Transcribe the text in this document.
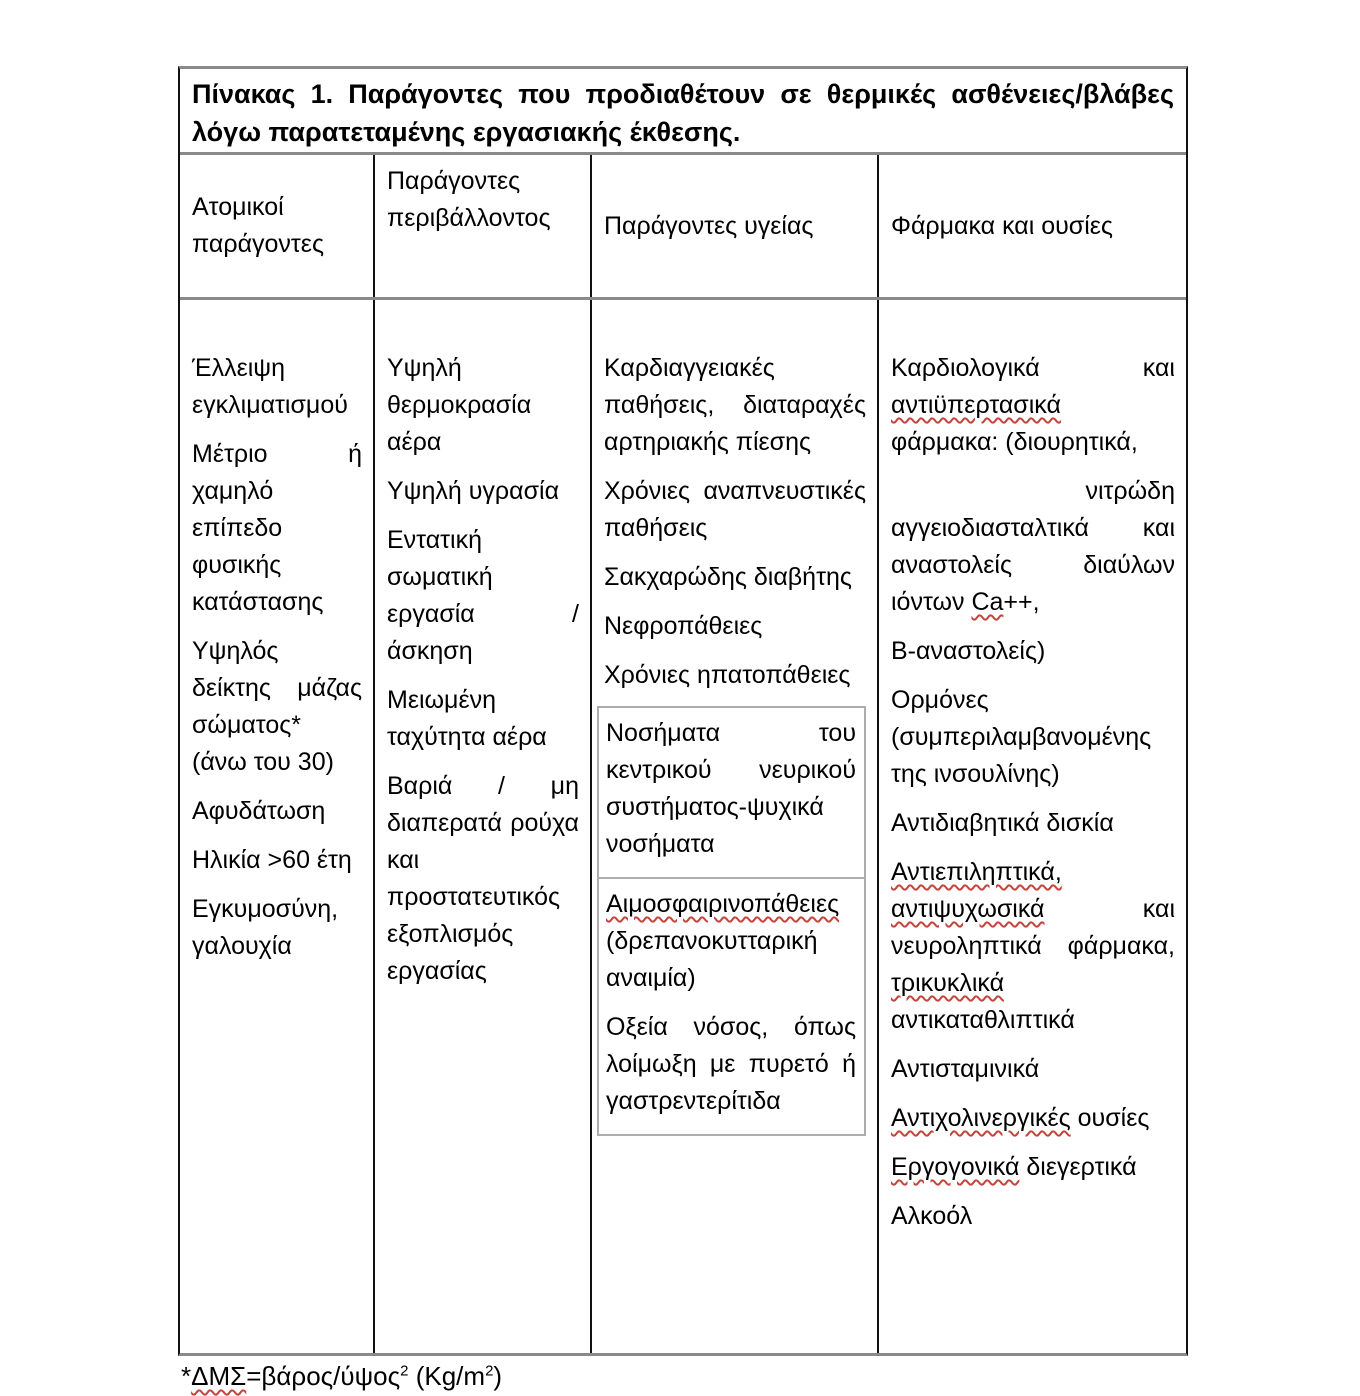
Πίνακας 1. Παράγοντες που προδιαθέτουν σε θερμικές ασθένειες/βλάβες λόγω παρατεταμένης εργασιακής έκθεσης.
Ατομικοί παράγοντες
Παράγοντες περιβάλλοντος	Παράγοντες υγείας	Φάρμακα και ουσίες

Έλλειψη εγκλιματισμού

Μέτριο ή χαμηλό επίπεδο φυσικής κατάστασης

Υψηλός δείκτης μάζας σώματος* (άνω του 30)

Αφυδάτωση

Ηλικία >60 έτη

Εγκυμοσύνη, γαλουχία

Υψηλή θερμοκρασία αέρα

Υψηλή υγρασία

Εντατική σωματική εργασία / άσκηση

Μειωμένη ταχύτητα αέρα

Βαριά / μη διαπερατά ρούχα και προστατευτικός εξοπλισμός εργασίας

Καρδιαγγειακές παθήσεις, διαταραχές αρτηριακής πίεσης

Χρόνιες αναπνευστικές παθήσεις

Σακχαρώδης διαβήτης

Νεφροπάθειες

Χρόνιες ηπατοπάθειες

Νοσήματα του κεντρικού νευρικού συστήματος-ψυχικά νοσήματα

Αιμοσφαιρινοπάθειες (δρεπανοκυτταρική αναιμία)

Οξεία νόσος, όπως λοίμωξη με πυρετό ή γαστρεντερίτιδα

Καρδιολογικά και αντιϋπερτασικά φάρμακα: (διουρητικά,

νιτρώδη

αγγειοδιασταλτικά και αναστολείς διαύλων ιόντων Ca++,

Β-αναστολείς)

Ορμόνες (συμπεριλαμβανομένης της ινσουλίνης)

Αντιδιαβητικά δισκία

Αντιεπιληπτικά, αντιψυχωσικά και νευροληπτικά φάρμακα, τρικυκλικά αντικαταθλιπτικά

Αντισταμινικά

Αντιχολινεργικές ουσίες

Εργογονικά διεγερτικά

Αλκοόλ

*ΔΜΣ=βάρος/ύψος$^2$ $(Kg/m^2)$
